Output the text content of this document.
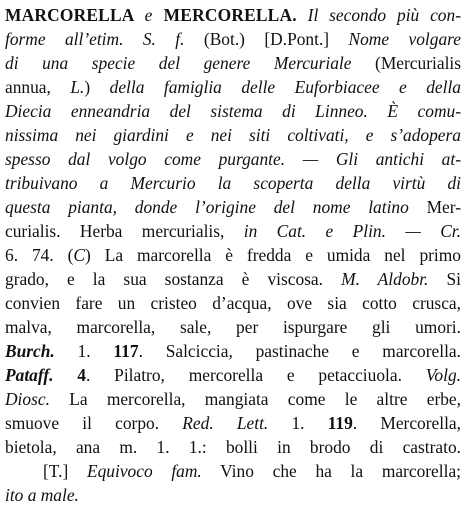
MARCORELLA e MERCORELLA. Il secondo più con-
forme all’etim. S. f. (Bot.) [D.Pont.] Nome volgare
di una specie del genere Mercuriale (Mercurialis
annua, L.) della famiglia delle Euforbiacee e della
Diecia enneandria del sistema di Linneo. È comu-
nissima nei giardini e nei siti coltivati, e s’adopera
spesso dal volgo come purgante. — Gli antichi at-
tribuivano a Mercurio la scoperta della virtù di
questa pianta, donde l’origine del nome latino Mer-
curialis. Herba mercurialis, in Cat. e Plin. — Cr.
6. 74. (C) La marcorella è fredda e umida nel primo
grado, e la sua sostanza è viscosa. M. Aldobr. Si
convien fare un cristeo d’acqua, ove sia cotto crusca,
malva, marcorella, sale, per ispurgare gli umori.
Burch. 1. 117. Salciccia, pastinache e marcorella.
Pataff. 4. Pilatro, mercorella e petacciuola. Volg.
Diosc. La mercorella, mangiata come le altre erbe,
smuove il corpo. Red. Lett. 1. 119. Mercorella,
bietola, ana m. 1. 1.: bolli in brodo di castrato.
[T.] Equivoco fam. Vino che ha la marcorella;
ito a male.
